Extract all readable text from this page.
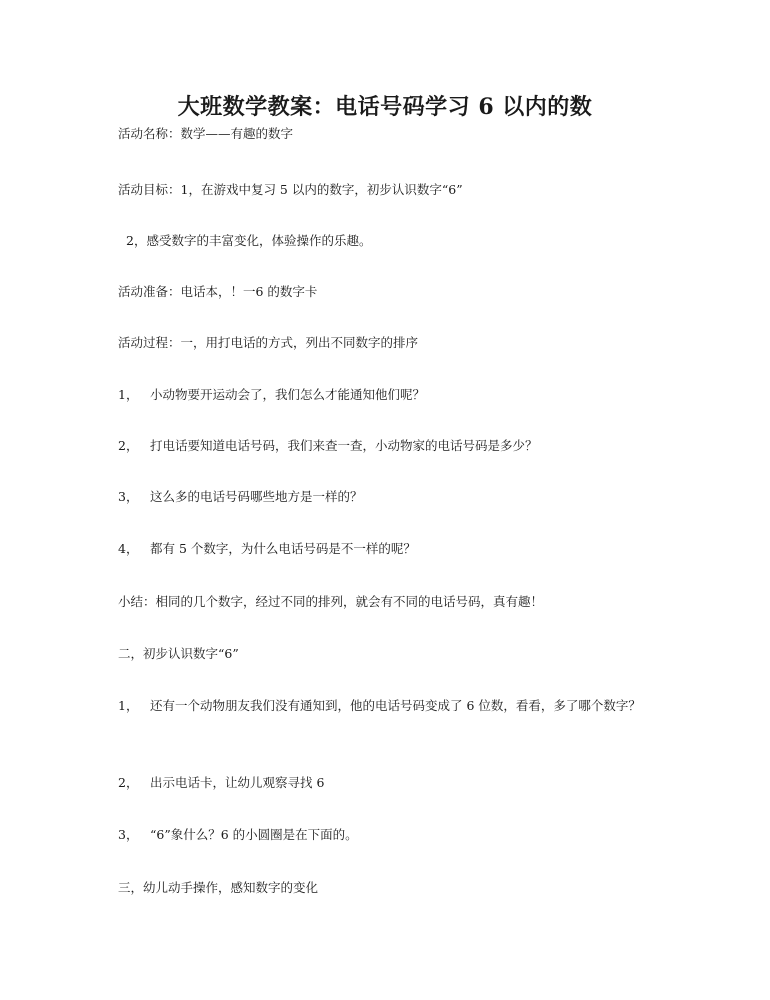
大班数学教案：电话号码学习 6 以内的数
活动名称：数学——有趣的数字
活动目标：1，在游戏中复习 5 以内的数字，初步认识数字“6”
2，感受数字的丰富变化，体验操作的乐趣。
活动准备：电话本，！一6 的数字卡
活动过程：一，用打电话的方式，列出不同数字的排序
1， 小动物要开运动会了，我们怎么才能通知他们呢？
2， 打电话要知道电话号码，我们来查一查，小动物家的电话号码是多少？
3， 这么多的电话号码哪些地方是一样的？
4， 都有 5 个数字，为什么电话号码是不一样的呢？
小结：相同的几个数字，经过不同的排列，就会有不同的电话号码，真有趣！
二，初步认识数字“6”
1， 还有一个动物朋友我们没有通知到，他的电话号码变成了 6 位数，看看，多了哪个数字？
2， 出示电话卡，让幼儿观察寻找 6
3， “6”象什么？6 的小圆圈是在下面的。
三，幼儿动手操作，感知数字的变化
